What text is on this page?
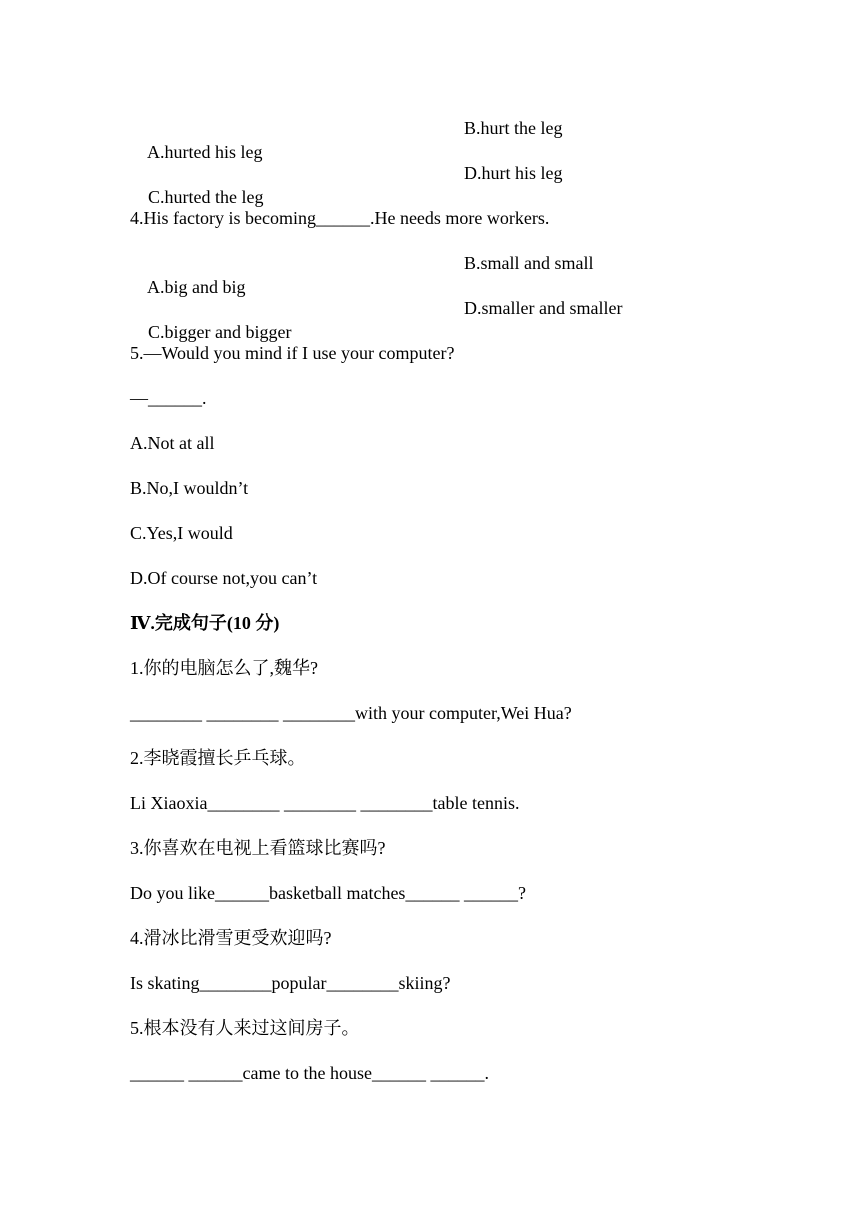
A.hurted his leg

B.hurt the leg

C.hurted the leg

D.hurt his leg

4.His factory is becoming______.He needs more workers.

A.big and big

B.small and small

C.bigger and bigger

D.smaller and smaller

5.—Would you mind if I use your computer?
—______.
A.Not at all
B.No,I wouldn’t
C.Yes,I would
D.Of course not,you can’t
Ⅳ.完成句子(10 分)
1.你的电脑怎么了,魏华?
________ ________ ________with your computer,Wei Hua?
2.李晓霞擅长乒乓球。
Li Xiaoxia________ ________ ________table tennis.
3.你喜欢在电视上看篮球比赛吗?
Do you like______basketball matches______ ______?
4.滑冰比滑雪更受欢迎吗?
Is skating________popular________skiing?
5.根本没有人来过这间房子。
______ ______came to the house______ ______.
